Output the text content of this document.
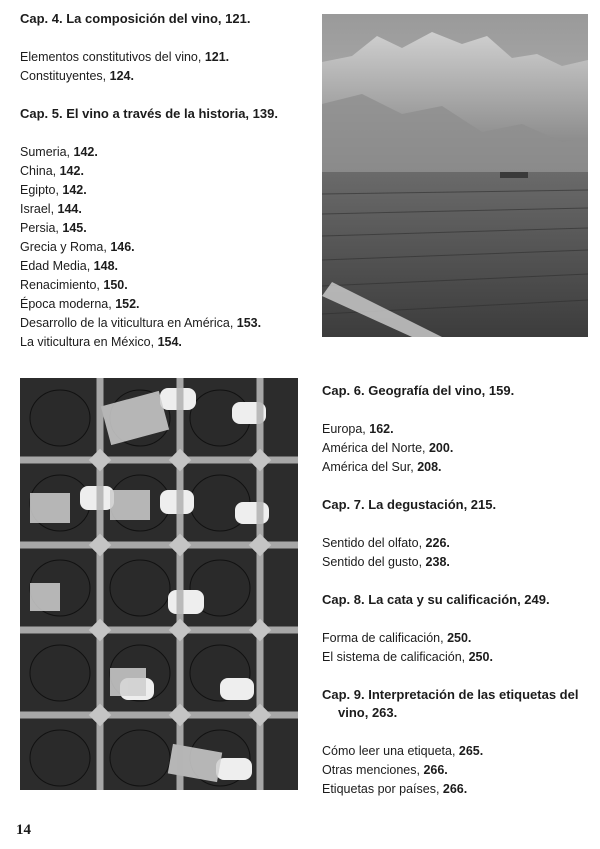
Cap. 4. La composición del vino, 121.
Elementos constitutivos del vino, 121.
Constituyentes, 124.
Cap. 5. El vino a través de la historia, 139.
Sumeria, 142.
China, 142.
Egipto, 142.
Israel, 144.
Persia, 145.
Grecia y Roma, 146.
Edad Media, 148.
Renacimiento, 150.
Época moderna, 152.
Desarrollo de la viticultura en América, 153.
La viticultura en México, 154.
Cap. 6. Geografía del vino, 159.
Europa, 162.
América del Norte, 200.
América del Sur, 208.
Cap. 7. La degustación, 215.
Sentido del olfato, 226.
Sentido del gusto, 238.
Cap. 8. La cata y su calificación, 249.
Forma de calificación, 250.
El sistema de calificación, 250.
Cap. 9. Interpretación de las etiquetas del
vino, 263.
Cómo leer una etiqueta, 265.
Otras menciones, 266.
Etiquetas por países, 266.
14
